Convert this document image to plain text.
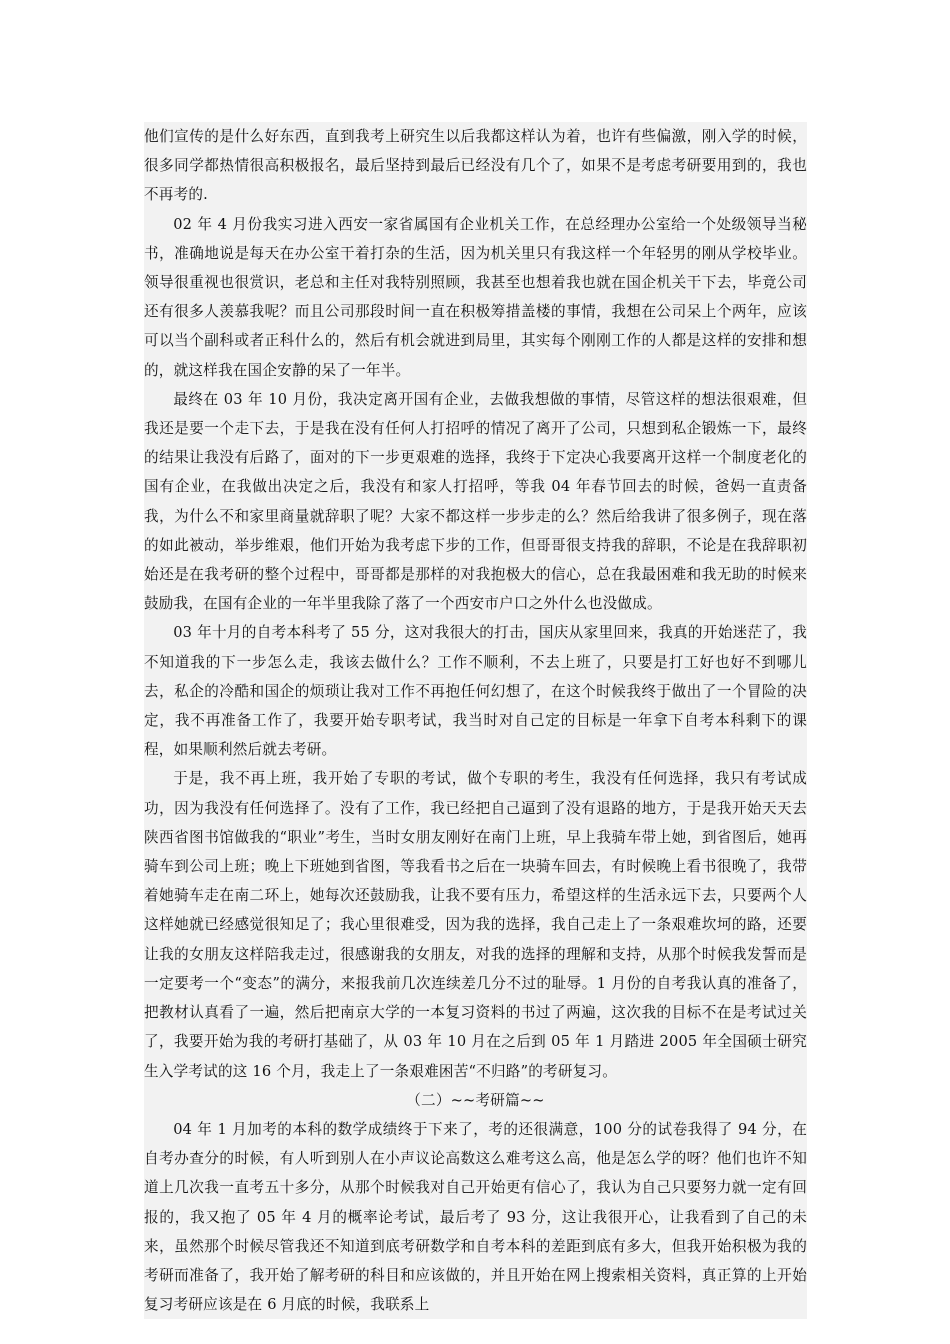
他们宣传的是什么好东西，直到我考上研究生以后我都这样认为着，也许有些偏激，刚入学的时候，很多同学都热情很高积极报名，最后坚持到最后已经没有几个了，如果不是考虑考研要用到的，我也不再考的.

02 年 4 月份我实习进入西安一家省属国有企业机关工作，在总经理办公室给一个处级领导当秘书，准确地说是每天在办公室干着打杂的生活，因为机关里只有我这样一个年轻男的刚从学校毕业。领导很重视也很赏识，老总和主任对我特别照顾，我甚至也想着我也就在国企机关干下去，毕竟公司还有很多人羡慕我呢？而且公司那段时间一直在积极筹措盖楼的事情，我想在公司呆上个两年，应该可以当个副科或者正科什么的，然后有机会就进到局里，其实每个刚刚工作的人都是这样的安排和想的，就这样我在国企安静的呆了一年半。

最终在 03 年 10 月份，我决定离开国有企业，去做我想做的事情，尽管这样的想法很艰难，但我还是要一个走下去，于是我在没有任何人打招呼的情况了离开了公司，只想到私企锻炼一下，最终的结果让我没有后路了，面对的下一步更艰难的选择，我终于下定决心我要离开这样一个制度老化的国有企业，在我做出决定之后，我没有和家人打招呼，等我 04 年春节回去的时候，爸妈一直责备我，为什么不和家里商量就辞职了呢？大家不都这样一步步走的么？然后给我讲了很多例子，现在落的如此被动，举步维艰，他们开始为我考虑下步的工作，但哥哥很支持我的辞职，不论是在我辞职初始还是在我考研的整个过程中，哥哥都是那样的对我抱极大的信心，总在我最困难和我无助的时候来鼓励我，在国有企业的一年半里我除了落了一个西安市户口之外什么也没做成。

03 年十月的自考本科考了 55 分，这对我很大的打击，国庆从家里回来，我真的开始迷茫了，我不知道我的下一步怎么走，我该去做什么？工作不顺利，不去上班了，只要是打工好也好不到哪儿去，私企的冷酷和国企的烦琐让我对工作不再抱任何幻想了，在这个时候我终于做出了一个冒险的决定，我不再准备工作了，我要开始专职考试，我当时对自己定的目标是一年拿下自考本科剩下的课程，如果顺利然后就去考研。

于是，我不再上班，我开始了专职的考试，做个专职的考生，我没有任何选择，我只有考试成功，因为我没有任何选择了。没有了工作，我已经把自己逼到了没有退路的地方，于是我开始天天去陕西省图书馆做我的“职业”考生，当时女朋友刚好在南门上班，早上我骑车带上她，到省图后，她再骑车到公司上班；晚上下班她到省图，等我看书之后在一块骑车回去，有时候晚上看书很晚了，我带着她骑车走在南二环上，她每次还鼓励我，让我不要有压力，希望这样的生活永远下去，只要两个人这样她就已经感觉很知足了；我心里很难受，因为我的选择，我自己走上了一条艰难坎坷的路，还要让我的女朋友这样陪我走过，很感谢我的女朋友，对我的选择的理解和支持，从那个时候我发誓而是一定要考一个“变态”的满分，来报我前几次连续差几分不过的耻辱。1 月份的自考我认真的准备了，把教材认真看了一遍，然后把南京大学的一本复习资料的书过了两遍，这次我的目标不在是考试过关了，我要开始为我的考研打基础了，从 03 年 10 月在之后到 05 年 1 月踏进 2005 年全国硕士研究生入学考试的这 16 个月，我走上了一条艰难困苦“不归路”的考研复习。

（二）~~考研篇~~

04 年 1 月加考的本科的数学成绩终于下来了，考的还很满意，100 分的试卷我得了 94 分，在自考办查分的时候，有人听到别人在小声议论高数这么难考这么高，他是怎么学的呀？他们也许不知道上几次我一直考五十多分，从那个时候我对自己开始更有信心了，我认为自己只要努力就一定有回报的，我又抱了 05 年 4 月的概率论考试，最后考了 93 分，这让我很开心，让我看到了自己的未来，虽然那个时候尽管我还不知道到底考研数学和自考本科的差距到底有多大，但我开始积极为我的考研而准备了，我开始了解考研的科目和应该做的，并且开始在网上搜索相关资料，真正算的上开始复习考研应该是在 6 月底的时候，我联系上
